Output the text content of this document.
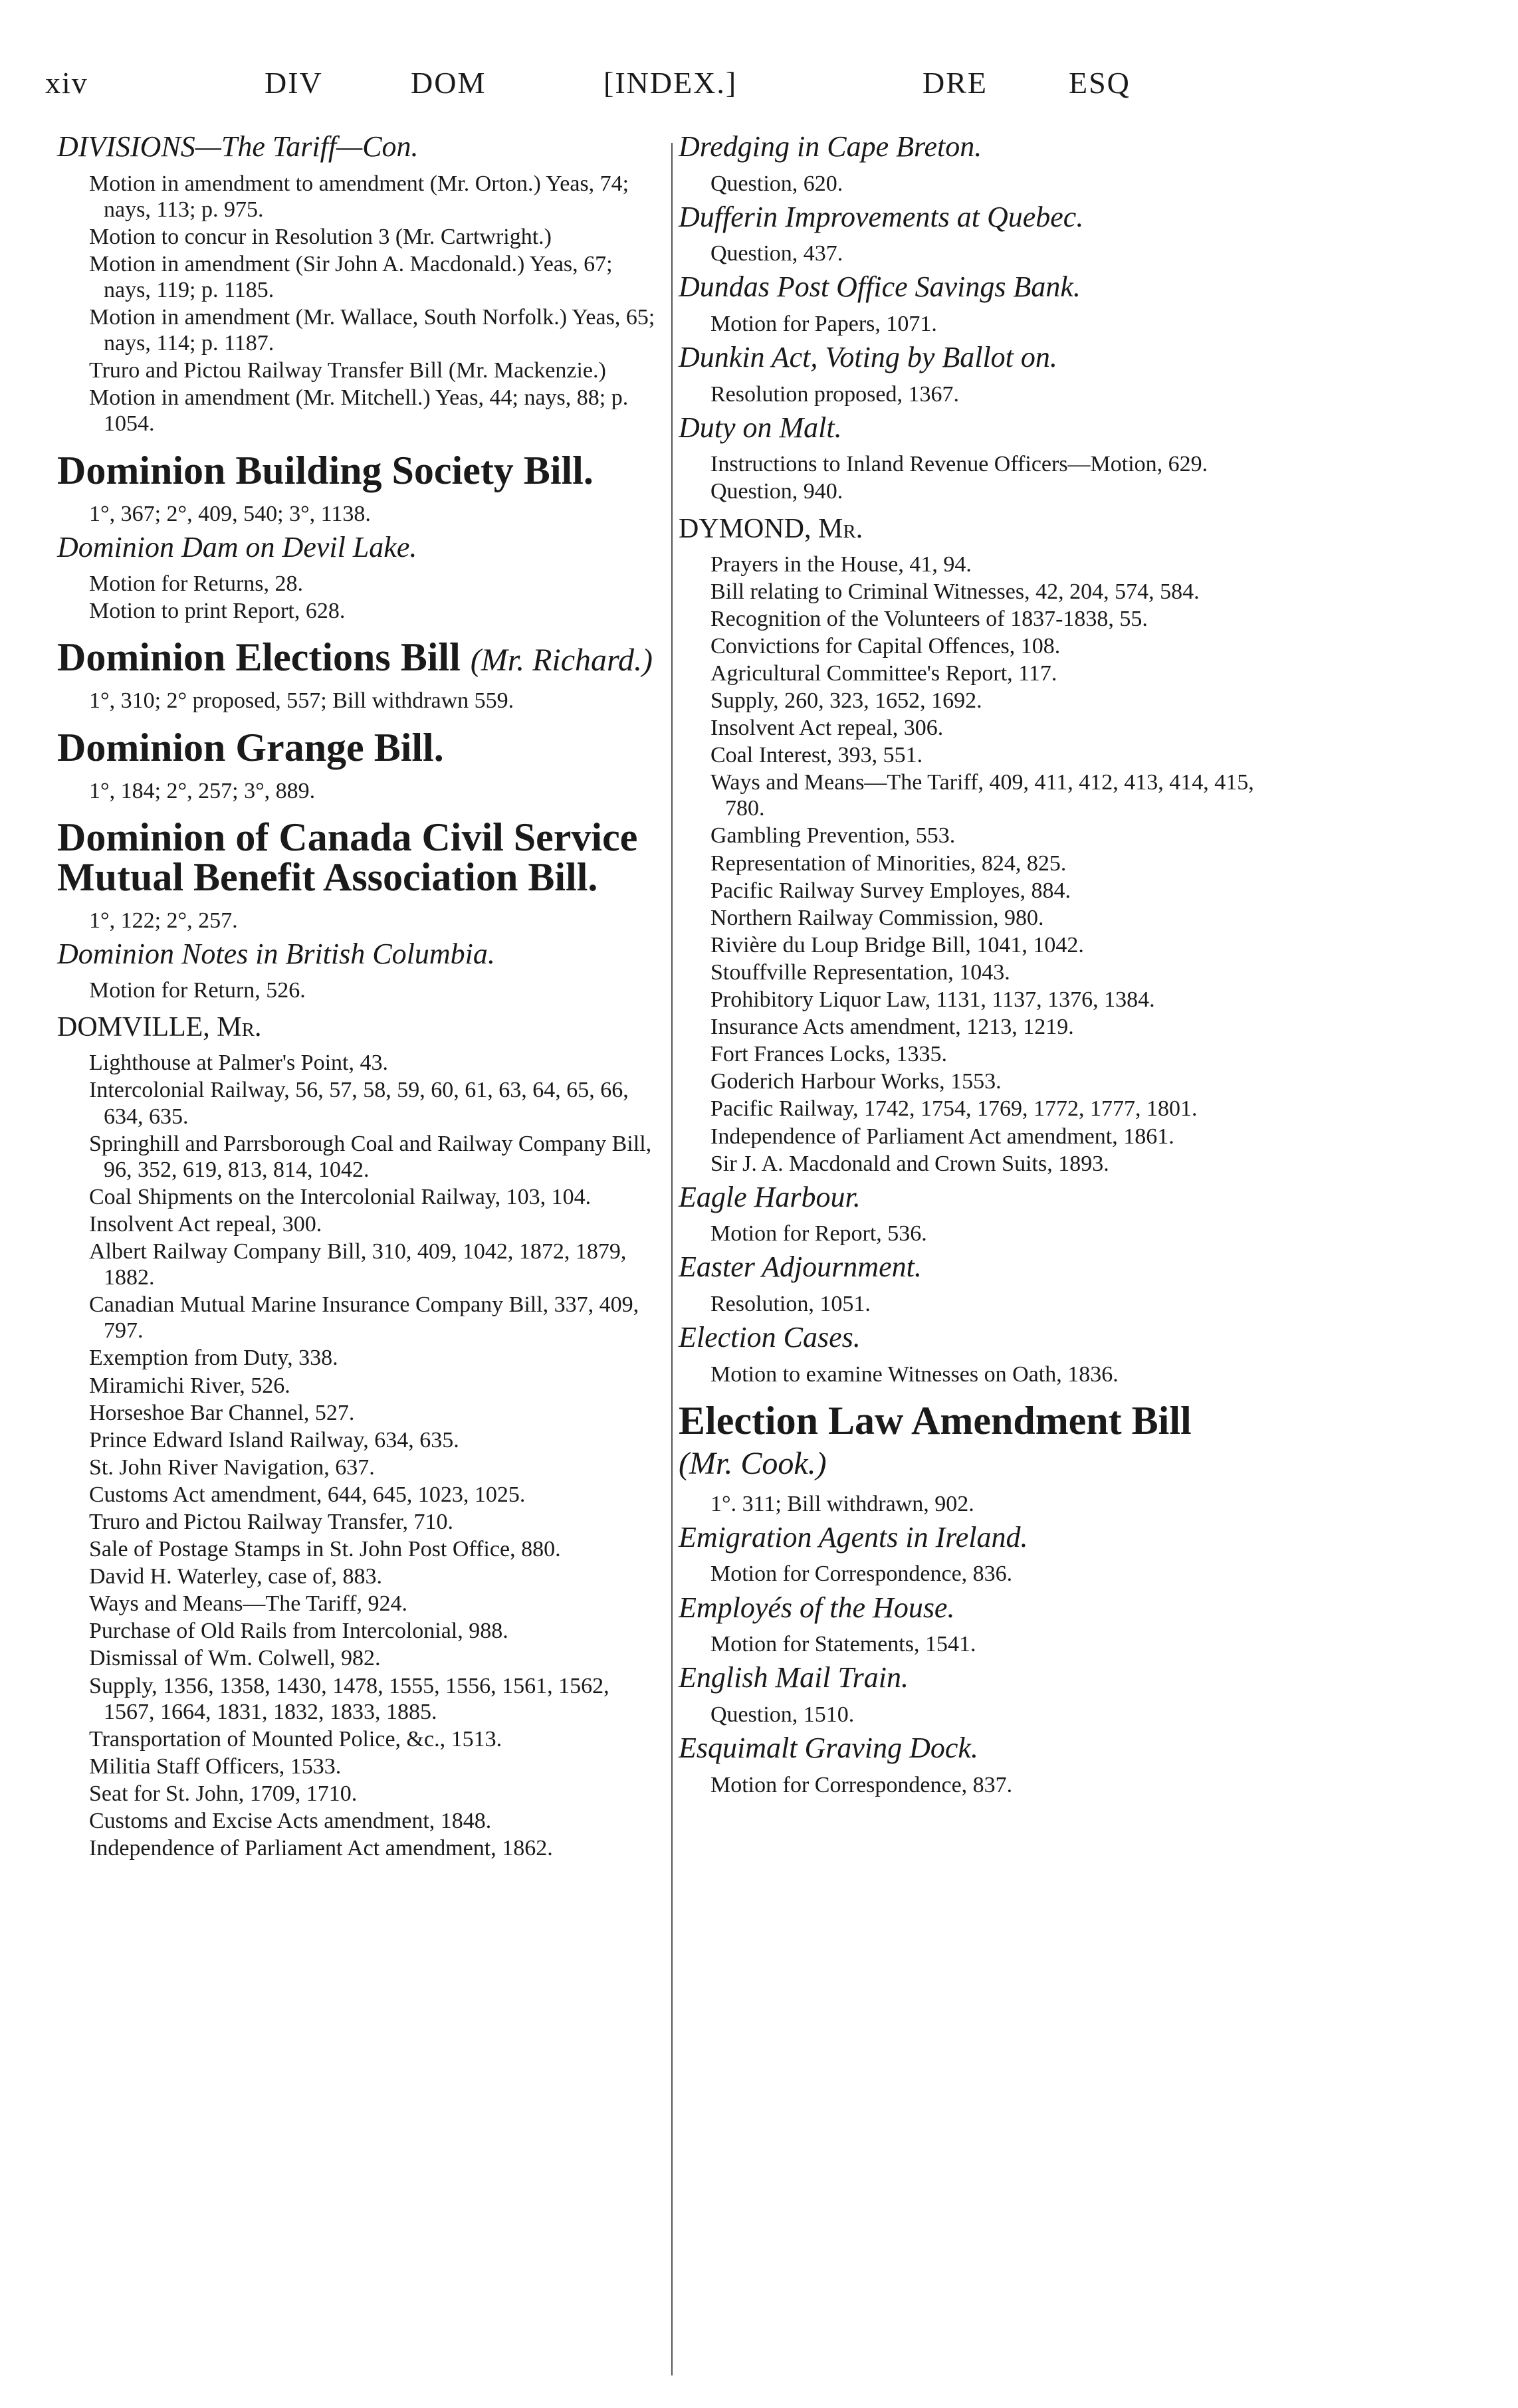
xiv	DIV	DOM	[INDEX.]	DRE	ESQ
DIVISIONS—The Tariff—Con.
Motion in amendment to amendment (Mr. Orton.) Yeas, 74; nays, 113; p. 975.
Motion to concur in Resolution 3 (Mr. Cartwright.)
Motion in amendment (Sir John A. Macdonald.) Yeas, 67; nays, 119; p. 1185.
Motion in amendment (Mr. Wallace, South Norfolk.) Yeas, 65; nays, 114; p. 1187.
Truro and Pictou Railway Transfer Bill (Mr. Mackenzie.)
Motion in amendment (Mr. Mitchell.) Yeas, 44; nays, 88; p. 1054.
Dominion Building Society Bill.
1°, 367; 2°, 409, 540; 3°, 1138.
Dominion Dam on Devil Lake.
Motion for Returns, 28.
Motion to print Report, 628.
Dominion Elections Bill (Mr. Richard.)
1°, 310; 2° proposed, 557; Bill withdrawn 559.
Dominion Grange Bill.
1°, 184; 2°, 257; 3°, 889.
Dominion of Canada Civil Service Mutual Benefit Association Bill.
1°, 122; 2°, 257.
Dominion Notes in British Columbia.
Motion for Return, 526.
DOMVILLE, Mr.
Lighthouse at Palmer's Point, 43.
Intercolonial Railway, 56, 57, 58, 59, 60, 61, 63, 64, 65, 66, 634, 635.
Springhill and Parrsborough Coal and Railway Company Bill, 96, 352, 619, 813, 814, 1042.
Coal Shipments on the Intercolonial Railway, 103, 104.
Insolvent Act repeal, 300.
Albert Railway Company Bill, 310, 409, 1042, 1872, 1879, 1882.
Canadian Mutual Marine Insurance Company Bill, 337, 409, 797.
Exemption from Duty, 338.
Miramichi River, 526.
Horseshoe Bar Channel, 527.
Prince Edward Island Railway, 634, 635.
St. John River Navigation, 637.
Customs Act amendment, 644, 645, 1023, 1025.
Truro and Pictou Railway Transfer, 710.
Sale of Postage Stamps in St. John Post Office, 880.
David H. Waterley, case of, 883.
Ways and Means—The Tariff, 924.
Purchase of Old Rails from Intercolonial, 988.
Dismissal of Wm. Colwell, 982.
Supply, 1356, 1358, 1430, 1478, 1555, 1556, 1561, 1562, 1567, 1664, 1831, 1832, 1833, 1885.
Transportation of Mounted Police, &c., 1513.
Militia Staff Officers, 1533.
Seat for St. John, 1709, 1710.
Customs and Excise Acts amendment, 1848.
Independence of Parliament Act amendment, 1862.
Dredging in Cape Breton.
Question, 620.
Dufferin Improvements at Quebec.
Question, 437.
Dundas Post Office Savings Bank.
Motion for Papers, 1071.
Dunkin Act, Voting by Ballot on.
Resolution proposed, 1367.
Duty on Malt.
Instructions to Inland Revenue Officers—Motion, 629.
Question, 940.
DYMOND, Mr.
Prayers in the House, 41, 94.
Bill relating to Criminal Witnesses, 42, 204, 574, 584.
Recognition of the Volunteers of 1837-1838, 55.
Convictions for Capital Offences, 108.
Agricultural Committee's Report, 117.
Supply, 260, 323, 1652, 1692.
Insolvent Act repeal, 306.
Coal Interest, 393, 551.
Ways and Means—The Tariff, 409, 411, 412, 413, 414, 415, 780.
Gambling Prevention, 553.
Representation of Minorities, 824, 825.
Pacific Railway Survey Employes, 884.
Northern Railway Commission, 980.
Rivière du Loup Bridge Bill, 1041, 1042.
Stouffville Representation, 1043.
Prohibitory Liquor Law, 1131, 1137, 1376, 1384.
Insurance Acts amendment, 1213, 1219.
Fort Frances Locks, 1335.
Goderich Harbour Works, 1553.
Pacific Railway, 1742, 1754, 1769, 1772, 1777, 1801.
Independence of Parliament Act amendment, 1861.
Sir J. A. Macdonald and Crown Suits, 1893.
Eagle Harbour.
Motion for Report, 536.
Easter Adjournment.
Resolution, 1051.
Election Cases.
Motion to examine Witnesses on Oath, 1836.
Election Law Amendment Bill
(Mr. Cook.)
1°. 311; Bill withdrawn, 902.
Emigration Agents in Ireland.
Motion for Correspondence, 836.
Employés of the House.
Motion for Statements, 1541.
English Mail Train.
Question, 1510.
Esquimalt Graving Dock.
Motion for Correspondence, 837.
